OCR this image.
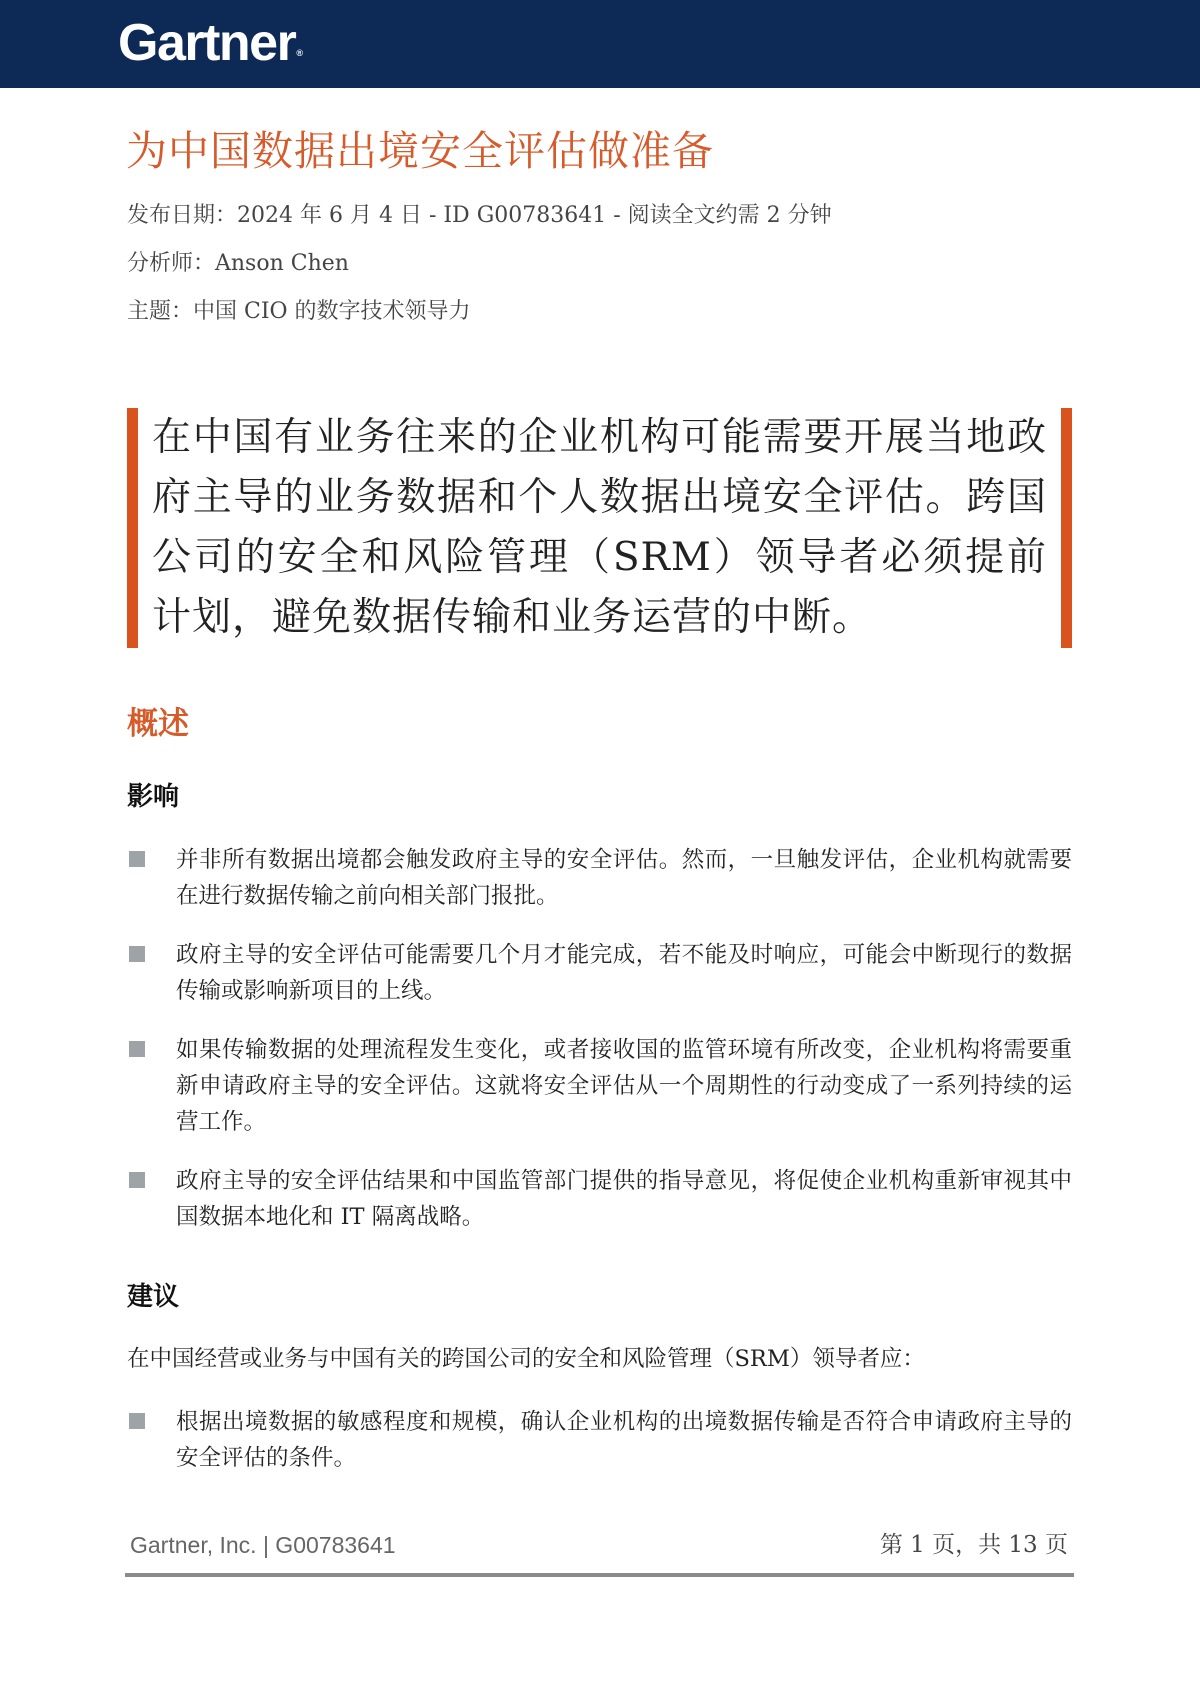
Gartner®
为中国数据出境安全评估做准备

发布日期：2024 年 6 月 4 日 - ID G00783641 - 阅读全文约需 2 分钟

分析师：Anson Chen

主题：中国 CIO 的数字技术领导力

在中国有业务往来的企业机构可能需要开展当地政府主导的业务数据和个人数据出境安全评估。跨国公司的安全和风险管理（SRM）领导者必须提前计划，避免数据传输和业务运营的中断。

概述
影响
并非所有数据出境都会触发政府主导的安全评估。然而，一旦触发评估，企业机构就需要在进行数据传输之前向相关部门报批。
政府主导的安全评估可能需要几个月才能完成，若不能及时响应，可能会中断现行的数据传输或影响新项目的上线。
如果传输数据的处理流程发生变化，或者接收国的监管环境有所改变，企业机构将需要重新申请政府主导的安全评估。这就将安全评估从一个周期性的行动变成了一系列持续的运营工作。
政府主导的安全评估结果和中国监管部门提供的指导意见，将促使企业机构重新审视其中国数据本地化和 IT 隔离战略。
建议

在中国经营或业务与中国有关的跨国公司的安全和风险管理（SRM）领导者应：

根据出境数据的敏感程度和规模，确认企业机构的出境数据传输是否符合申请政府主导的安全评估的条件。
Gartner, Inc. | G00783641	第 1 页，共 13 页
